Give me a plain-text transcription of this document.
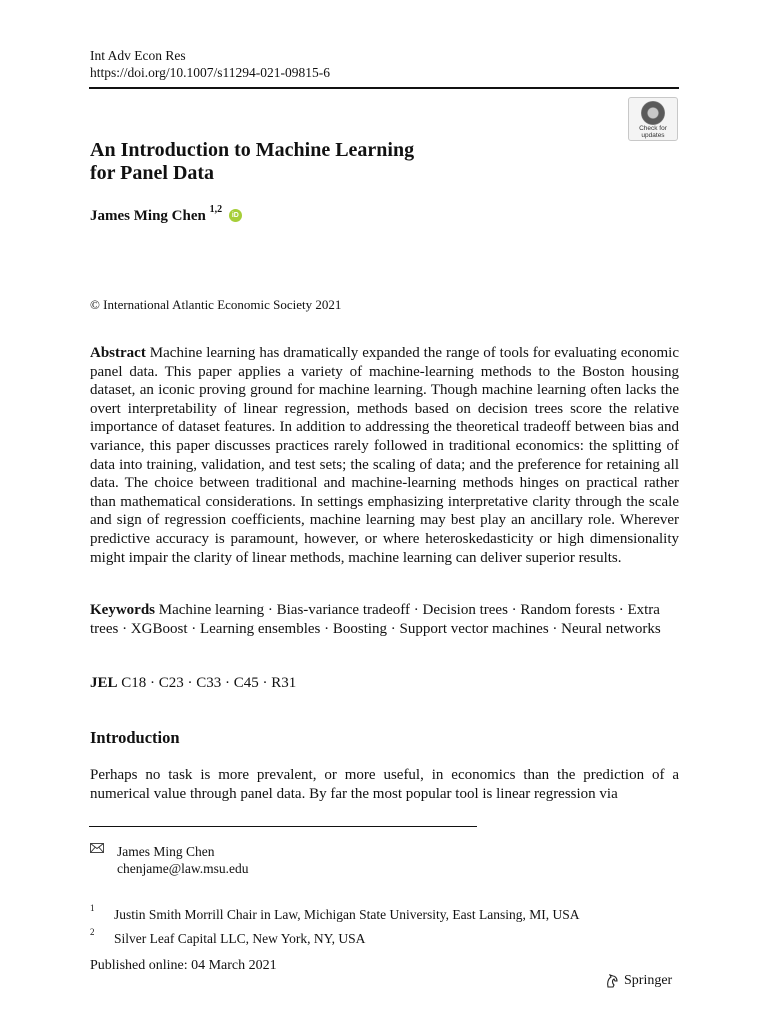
Int Adv Econ Res
https://doi.org/10.1007/s11294-021-09815-6
Check for
updates
An Introduction to Machine Learning
for Panel Data
James Ming Chen $^{1,2}$ iD
© International Atlantic Economic Society 2021
Abstract Machine learning has dramatically expanded the range of tools for evaluating economic panel data. This paper applies a variety of machine-learning methods to the Boston housing dataset, an iconic proving ground for machine learning. Though machine learning often lacks the overt interpretability of linear regression, methods based on decision trees score the relative importance of dataset features. In addition to addressing the theoretical tradeoff between bias and variance, this paper discusses practices rarely followed in traditional economics: the splitting of data into training, validation, and test sets; the scaling of data; and the preference for retaining all data. The choice between traditional and machine-learning methods hinges on practical rather than mathematical considerations. In settings emphasizing interpretative clarity through the scale and sign of regression coefficients, machine learning may best play an ancillary role. Wherever predictive accuracy is paramount, however, or where heteroskedasticity or high dimensionality might impair the clarity of linear methods, machine learning can deliver superior results.
Keywords Machine learning · Bias-variance tradeoff · Decision trees · Random forests · Extra trees · XGBoost · Learning ensembles · Boosting · Support vector machines · Neural networks
JEL C18 · C23 · C33 · C45 · R31
Introduction
Perhaps no task is more prevalent, or more useful, in economics than the prediction of a numerical value through panel data. By far the most popular tool is linear regression via
James Ming Chen
chenjame@law.msu.edu
1 Justin Smith Morrill Chair in Law, Michigan State University, East Lansing, MI, USA
2 Silver Leaf Capital LLC, New York, NY, USA
Published online: 04 March 2021
Springer
